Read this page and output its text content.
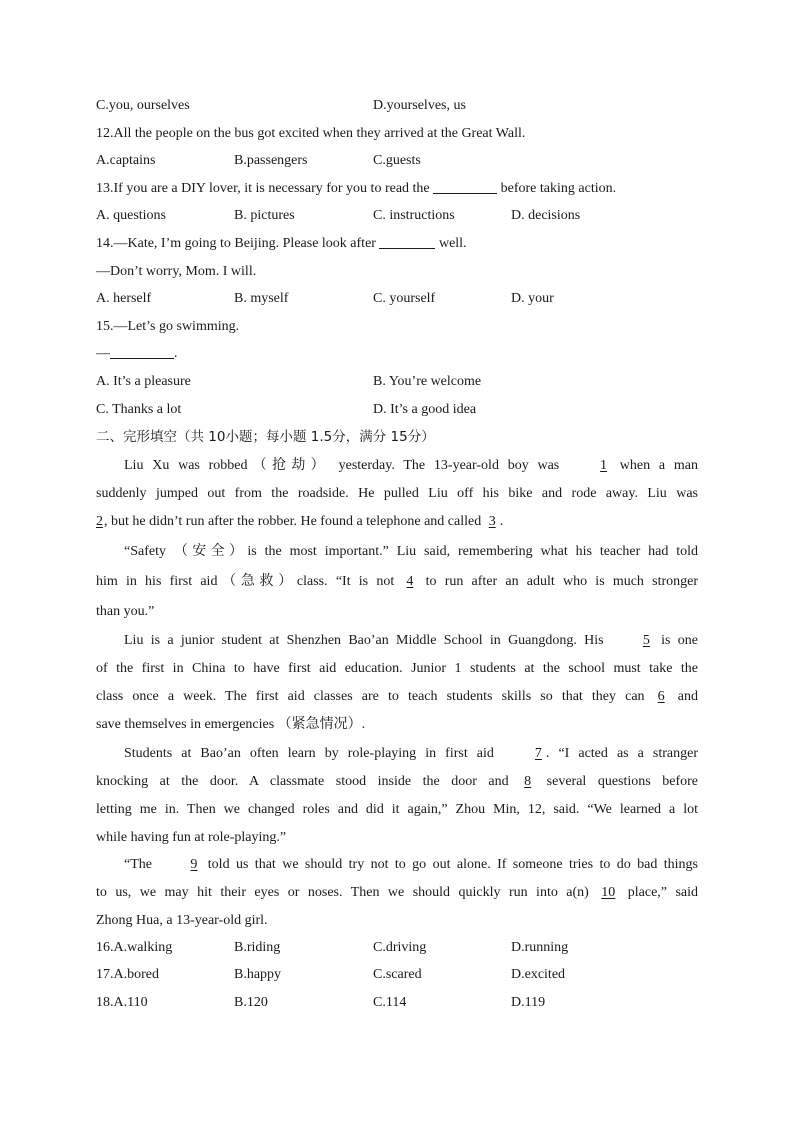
C.you, ourselves	D.yourselves, us
12.All the people on the bus got excited when they arrived at the Great Wall.
A.captains	B.passengers	C.guests
13.If you are a DIY lover, it is necessary for you to read the	before taking action.
A. questions	B. pictures	C. instructions	D. decisions
14.—Kate, I’m going to Beijing. Please look after	well.
—Don’t worry, Mom. I will.
A. herself	B. myself	C. yourself	D. your
15.—Let’s go swimming.
—	.
A. It’s a pleasure	B. You’re welcome
C. Thanks a lot	D. It’s a good idea
二、完形填空（共 10小题；每小题 1.5分，满分 15分）
Liu Xu was robbed（抢劫） yesterday. The 13-year-old boy was 1 when a man
suddenly jumped out from the roadside. He pulled Liu off his bike and rode away. Liu was
2, but he didn’t run after the robber. He found a telephone and called 3 .
“Safety （安全）is the most important.” Liu said, remembering what his teacher had told
him in his first aid（急救）class. “It is not 4 to run after an adult who is much stronger
than you.”
Liu is a junior student at Shenzhen Bao’an Middle School in Guangdong. His 5 is one
of the first in China to have first aid education. Junior 1 students at the school must take the
class once a week. The first aid classes are to teach students skills so that they can 6 and
save themselves in emergencies （紧急情况）.
Students at Bao’an often learn by role-playing in first aid 7 . “I acted as a stranger
knocking at the door. A classmate stood inside the door and 8 several questions before
letting me in. Then we changed roles and did it again,” Zhou Min, 12, said. “We learned a lot
while having fun at role-playing.”
“The 9 told us that we should try not to go out alone. If someone tries to do bad things
to us, we may hit their eyes or noses. Then we should quickly run into a(n) 10 place,” said
Zhong Hua, a 13-year-old girl.
16.A.walking	B.riding	C.driving	D.running
17.A.bored	B.happy	C.scared	D.excited
18.A.110	B.120	C.114	D.119
